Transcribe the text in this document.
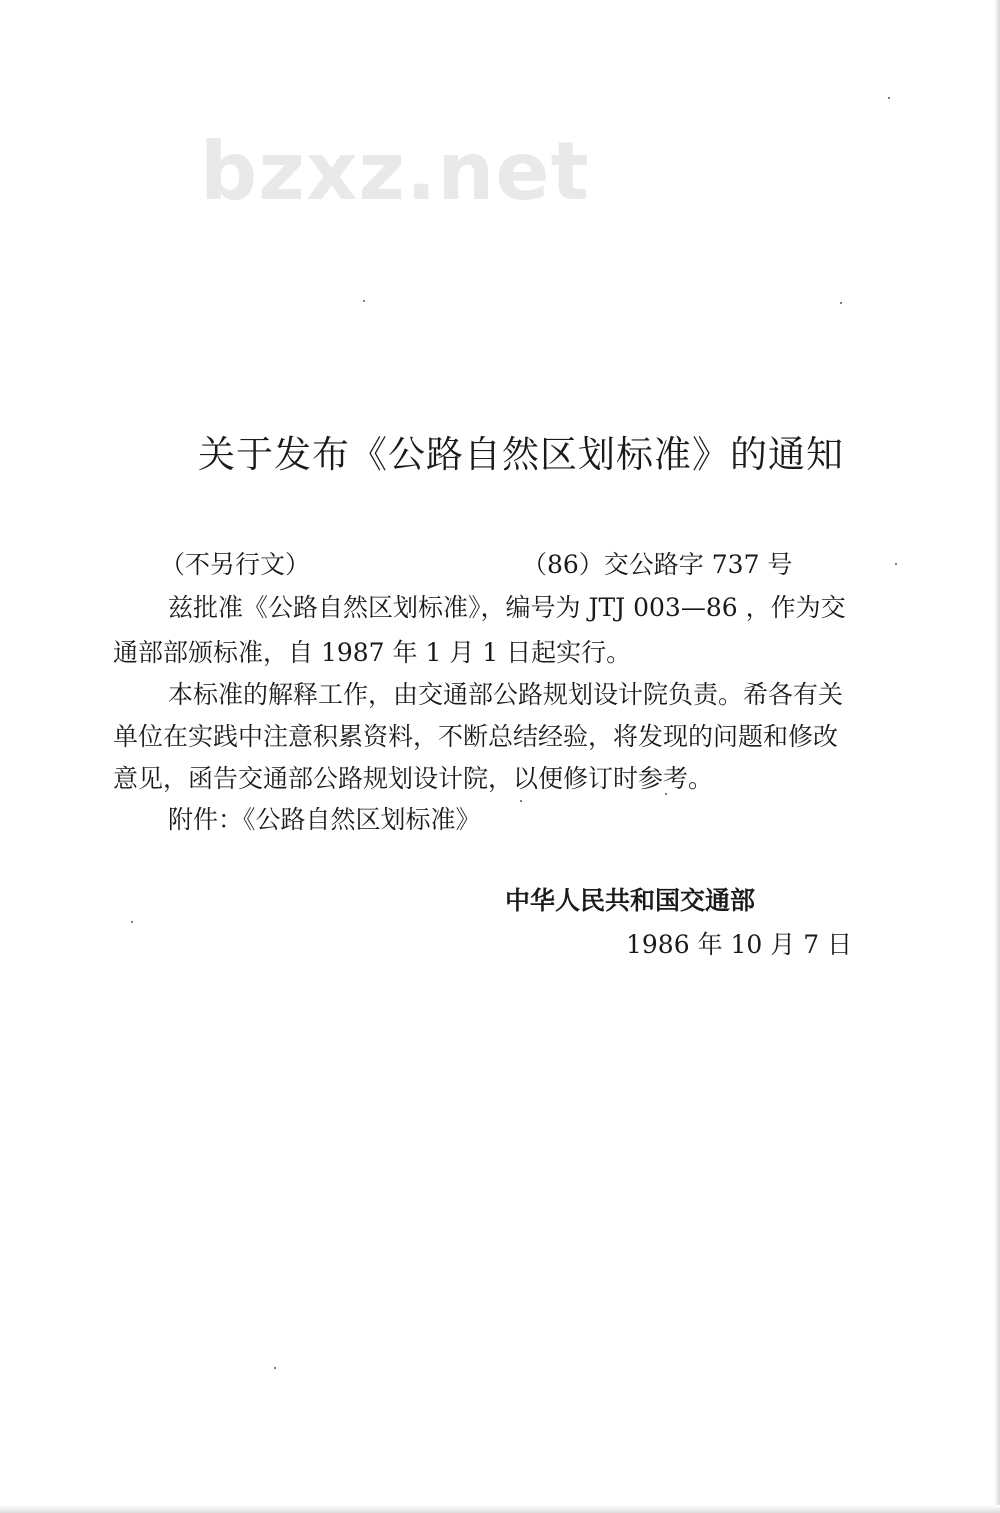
bzxz.net
关于发布《公路自然区划标准》的通知
（不另行文）	（86）交公路字 737 号
兹批准《公路自然区划标准》，编号为 JTJ 003—86 ，作为交
通部部颁标准，自 1987 年 1 月 1 日起实行。
本标准的解释工作，由交通部公路规划设计院负责。希各有关
单位在实践中注意积累资料，不断总结经验，将发现的问题和修改
意见，函告交通部公路规划设计院，以便修订时参考。
附件：《公路自然区划标准》
中华人民共和国交通部
1986 年 10 月 7 日
